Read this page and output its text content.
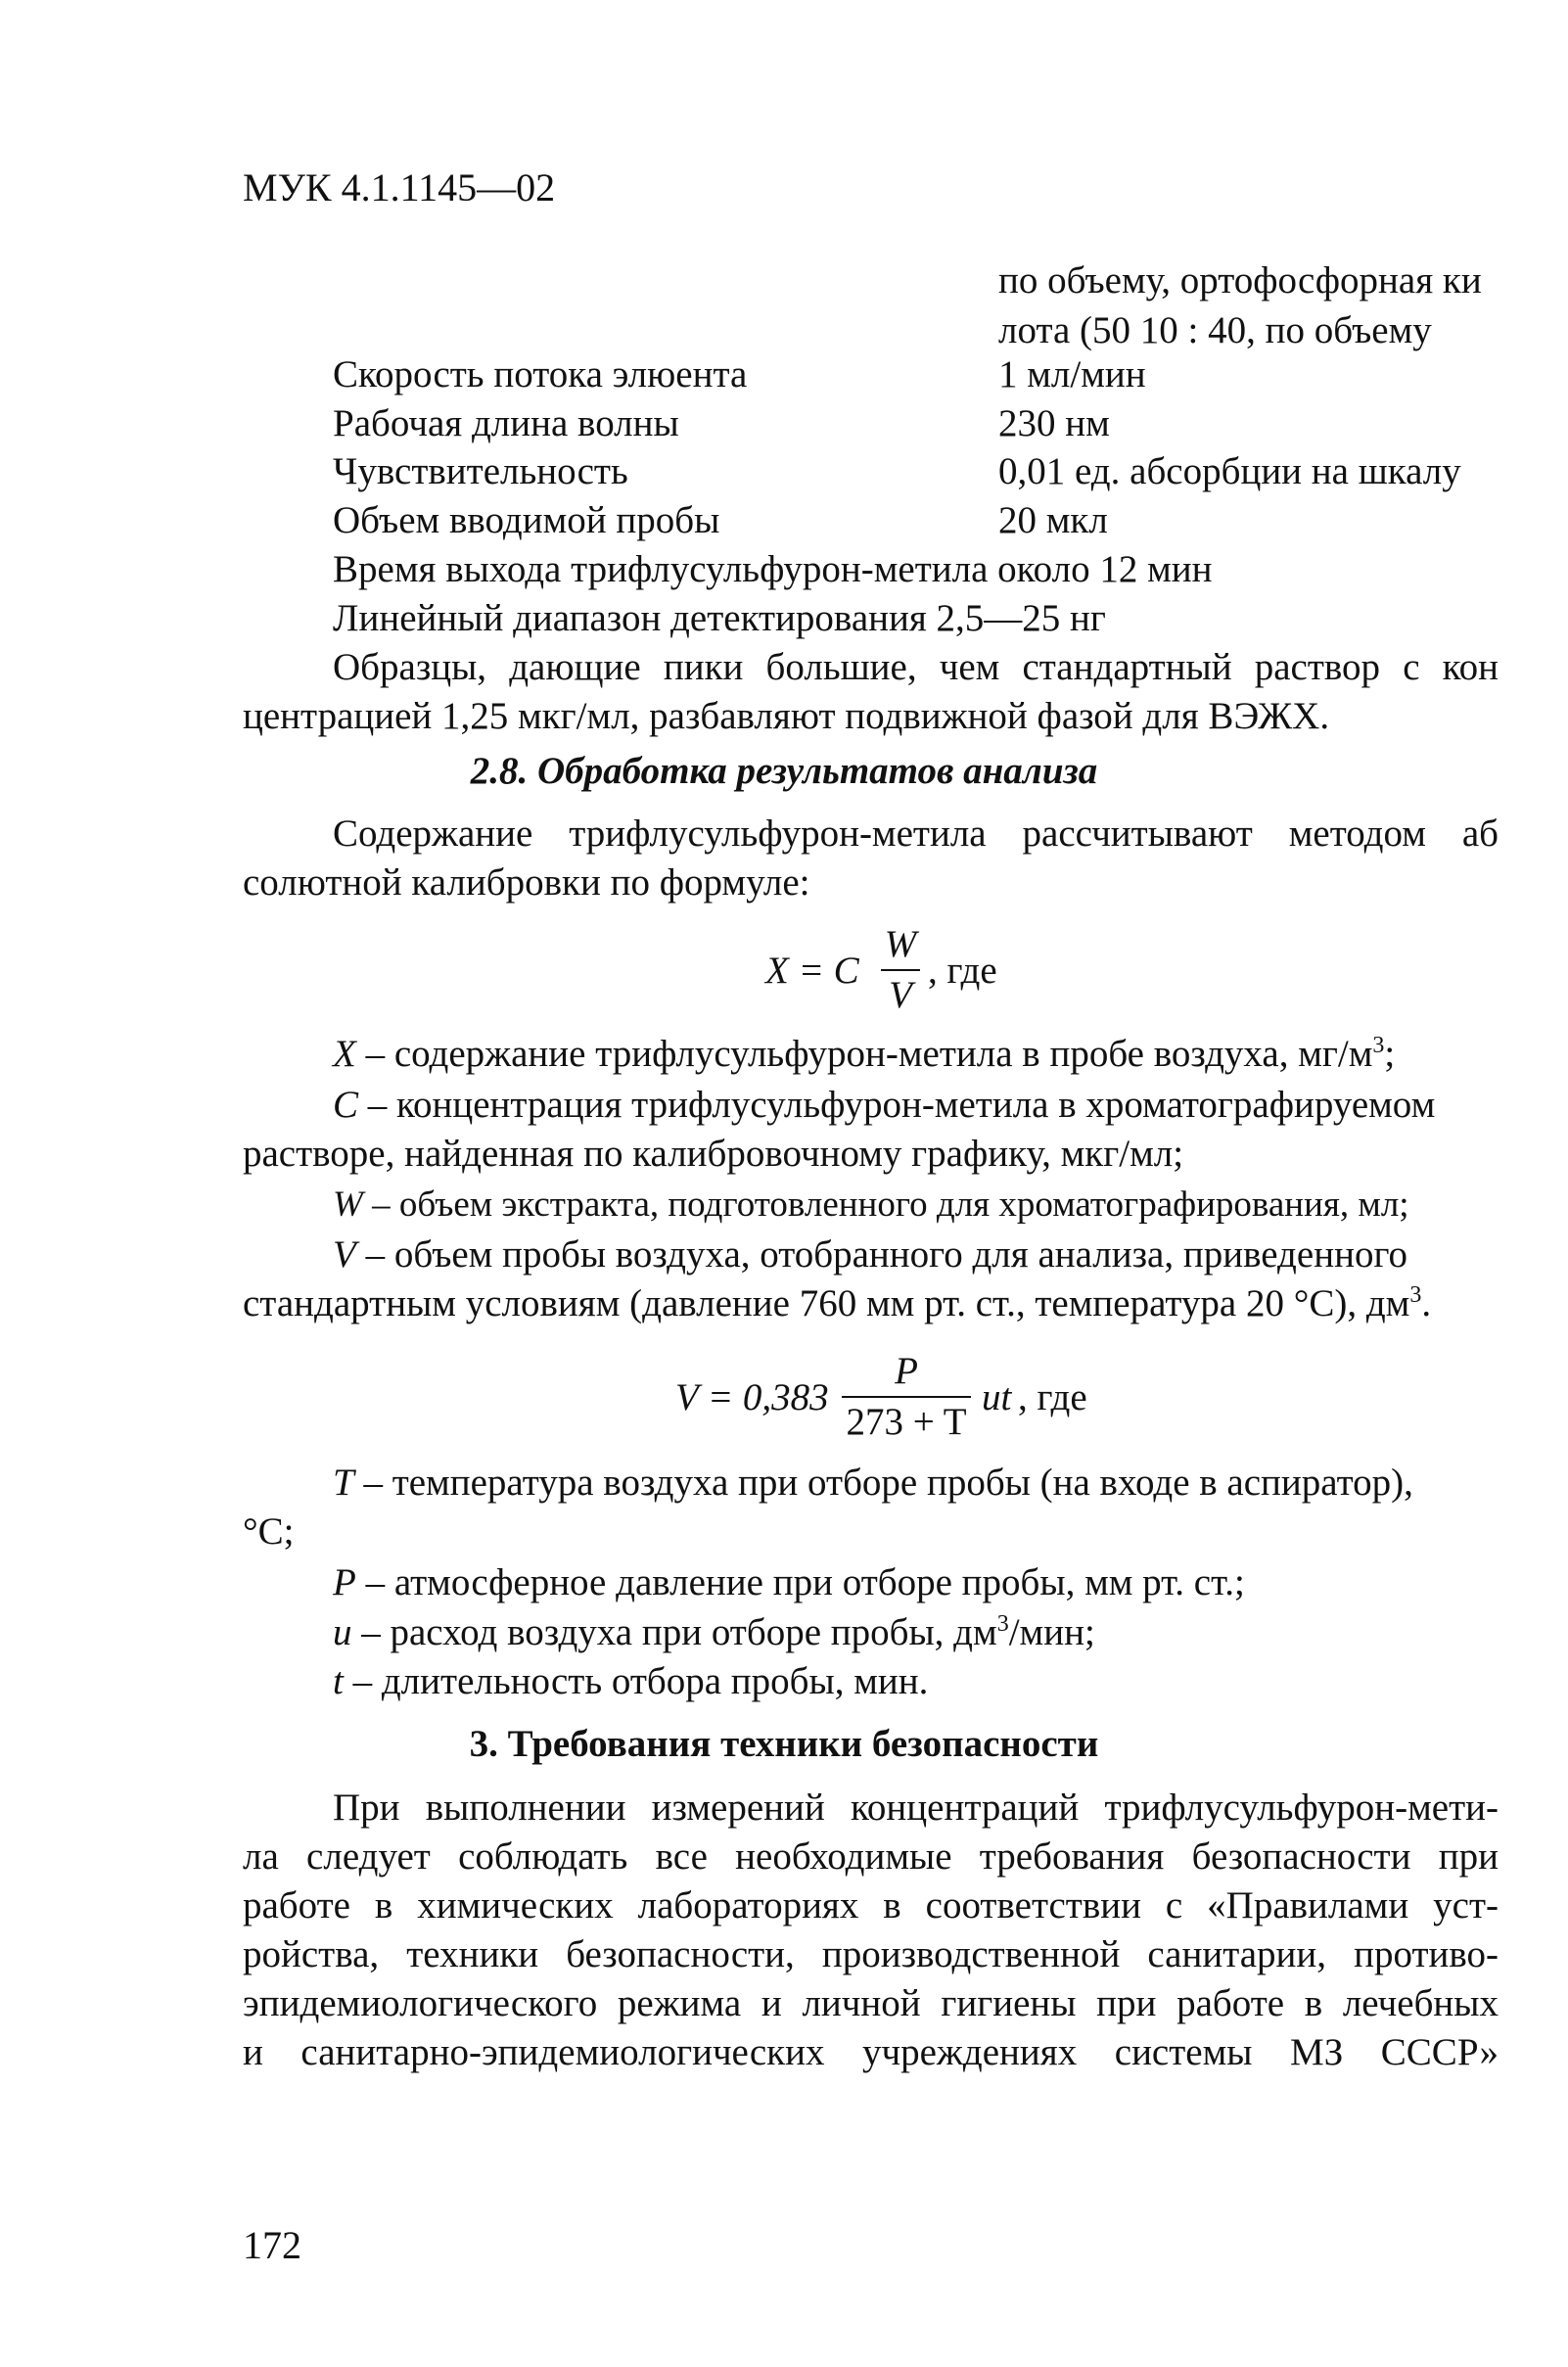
МУК 4.1.1145—02
по объему, ортофосфорная ки
лота (50 10 : 40, по объему
Скорость потока элюента	1 мл/мин
Рабочая длина волны	230 нм
Чувствительность	0,01 ед. абсорбции на шкалу
Объем вводимой пробы	20 мкл
Время выхода трифлусульфурон-метила около 12 мин
Линейный диапазон детектирования 2,5—25 нг
Образцы, дающие пики большие, чем стандартный раствор с кон
центрацией 1,25 мкг/мл, разбавляют подвижной фазой для ВЭЖХ.
2.8. Обработка результатов анализа
Содержание трифлусульфурон-метила рассчитывают методом аб
солютной калибровки по формуле:
X = C
W
V
, где
X – содержание трифлусульфурон-метила в пробе воздуха, $мг/м^3$;
C – концентрация трифлусульфурон-метила в хроматографируемом
растворе, найденная по калибровочному графику, мкг/мл;
W – объем экстракта, подготовленного для хроматографирования, мл;
V – объем пробы воздуха, отобранного для анализа, приведенного
стандартным условиям (давление 760 мм рт. ст., температура 20 °С), $дм^3$.
V = 0,383
P
273 + T
ut , где
T – температура воздуха при отборе пробы (на входе в аспиратор),
°С;
P – атмосферное давление при отборе пробы, мм рт. ст.;
u – расход воздуха при отборе пробы, $дм^3$/мин;
t – длительность отбора пробы, мин.
3. Требования техники безопасности
При выполнении измерений концентраций трифлусульфурон-мети-
ла следует соблюдать все необходимые требования безопасности при
работе в химических лабораториях в соответствии с «Правилами уст-
ройства, техники безопасности, производственной санитарии, противо-
эпидемиологического режима и личной гигиены при работе в лечебных
и санитарно-эпидемиологических учреждениях системы МЗ СССР»
172
